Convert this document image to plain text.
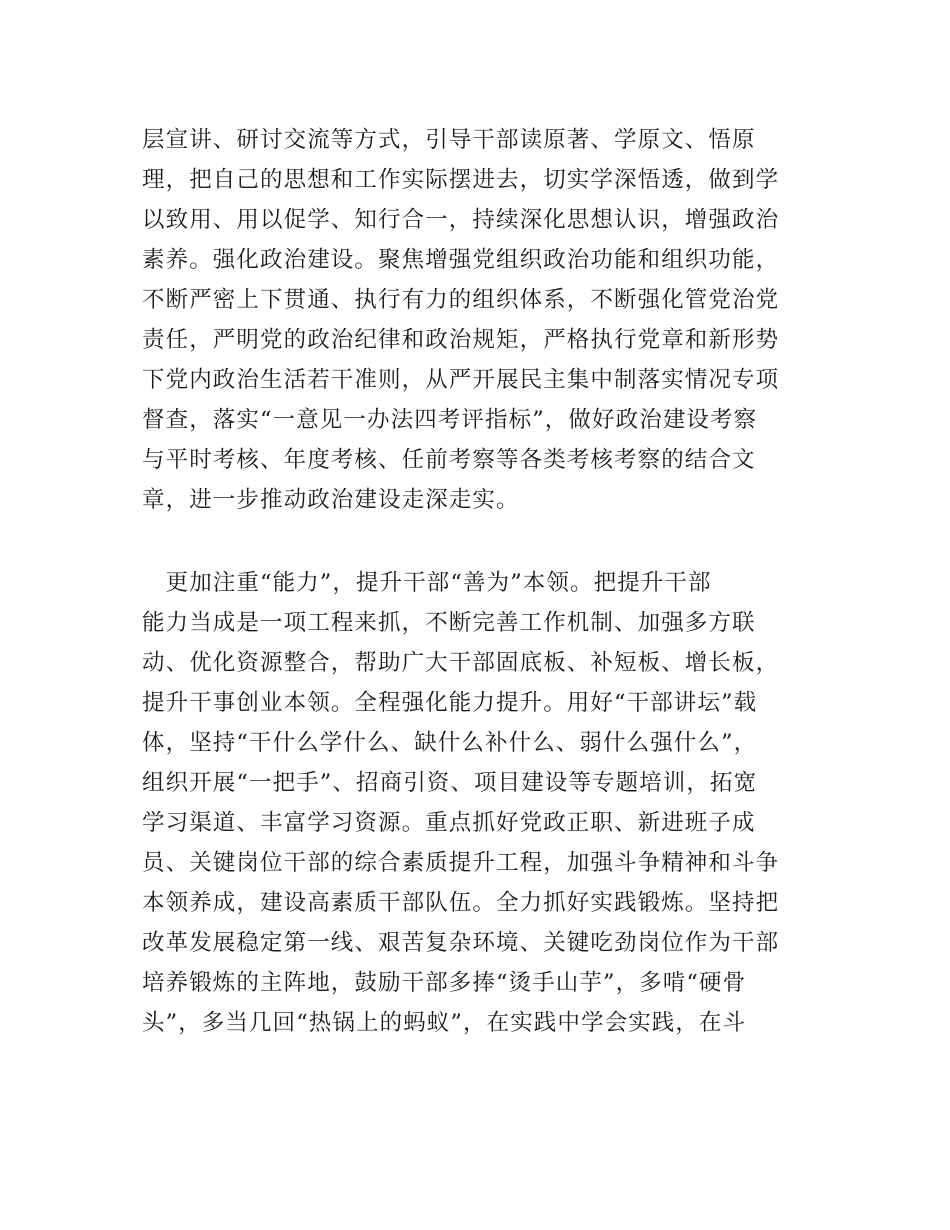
层宣讲、研讨交流等方式，引导干部读原著、学原文、悟原
理，把自己的思想和工作实际摆进去，切实学深悟透，做到学
以致用、用以促学、知行合一，持续深化思想认识，增强政治
素养。强化政治建设。聚焦增强党组织政治功能和组织功能，
不断严密上下贯通、执行有力的组织体系，不断强化管党治党
责任，严明党的政治纪律和政治规矩，严格执行党章和新形势
下党内政治生活若干准则，从严开展民主集中制落实情况专项
督查，落实“一意见一办法四考评指标”，做好政治建设考察
与平时考核、年度考核、任前考察等各类考核考察的结合文
章，进一步推动政治建设走深走实。
　更加注重“能力”，提升干部“善为”本领。把提升干部
能力当成是一项工程来抓，不断完善工作机制、加强多方联
动、优化资源整合，帮助广大干部固底板、补短板、增长板，
提升干事创业本领。全程强化能力提升。用好“干部讲坛”载
体，坚持“干什么学什么、缺什么补什么、弱什么强什么”，
组织开展“一把手”、招商引资、项目建设等专题培训，拓宽
学习渠道、丰富学习资源。重点抓好党政正职、新进班子成
员、关键岗位干部的综合素质提升工程，加强斗争精神和斗争
本领养成，建设高素质干部队伍。全力抓好实践锻炼。坚持把
改革发展稳定第一线、艰苦复杂环境、关键吃劲岗位作为干部
培养锻炼的主阵地，鼓励干部多捧“烫手山芋”，多啃“硬骨
头”，多当几回“热锅上的蚂蚁”，在实践中学会实践，在斗
